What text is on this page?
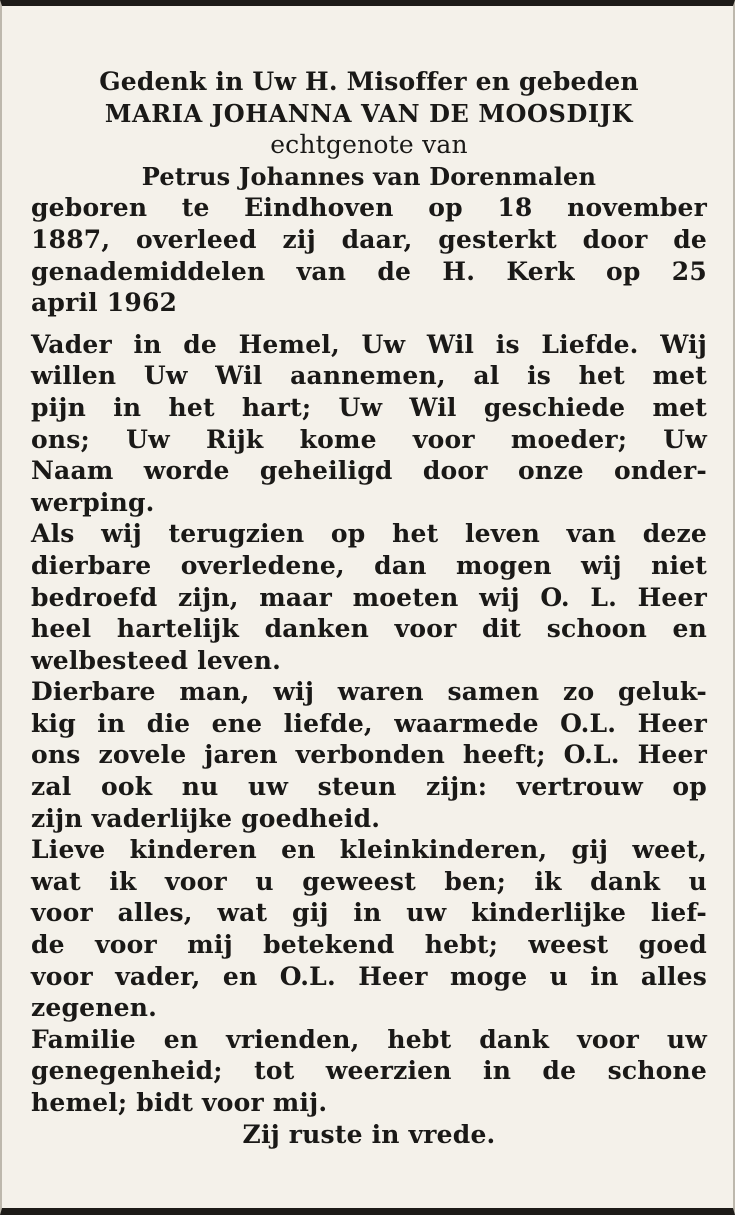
Gedenk in Uw H. Misoffer en gebeden
MARIA JOHANNA VAN DE MOOSDIJK
echtgenote van
Petrus Johannes van Dorenmalen
geboren te Eindhoven op 18 november
1887, overleed zij daar, gesterkt door de
genademiddelen van de H. Kerk op 25
april 1962
Vader in de Hemel, Uw Wil is Liefde. Wij
willen Uw Wil aannemen, al is het met
pijn in het hart; Uw Wil geschiede met
ons; Uw Rijk kome voor moeder; Uw
Naam worde geheiligd door onze onder-
werping.
Als wij terugzien op het leven van deze
dierbare overledene, dan mogen wij niet
bedroefd zijn, maar moeten wij O. L. Heer
heel hartelijk danken voor dit schoon en
welbesteed leven.
Dierbare man, wij waren samen zo geluk-
kig in die ene liefde, waarmede O.L. Heer
ons zovele jaren verbonden heeft; O.L. Heer
zal ook nu uw steun zijn: vertrouw op
zijn vaderlijke goedheid.
Lieve kinderen en kleinkinderen, gij weet,
wat ik voor u geweest ben; ik dank u
voor alles, wat gij in uw kinderlijke lief-
de voor mij betekend hebt; weest goed
voor vader, en O.L. Heer moge u in alles
zegenen.
Familie en vrienden, hebt dank voor uw
genegenheid; tot weerzien in de schone
hemel; bidt voor mij.
Zij ruste in vrede.
